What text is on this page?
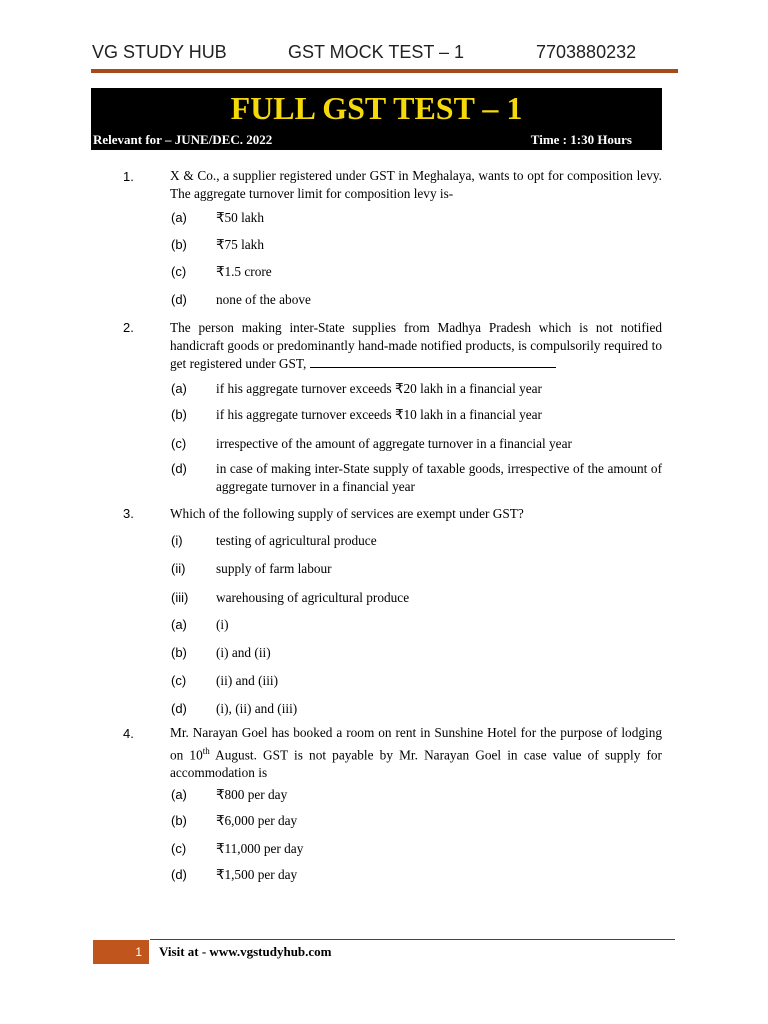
VG STUDY HUB	GST MOCK TEST – 1	7703880232
FULL GST TEST – 1
Relevant for – JUNE/DEC. 2022	Time : 1:30 Hours
1.	X & Co., a supplier registered under GST in Meghalaya, wants to opt for composition levy. The aggregate turnover limit for composition levy is-
(a) ₹50 lakh
(b) ₹75 lakh
(c) ₹1.5 crore
(d) none of the above
2.	The person making inter-State supplies from Madhya Pradesh which is not notified handicraft goods or predominantly hand-made notified products, is compulsorily required to get registered under GST,
(a) if his aggregate turnover exceeds ₹20 lakh in a financial year
(b) if his aggregate turnover exceeds ₹10 lakh in a financial year
(c) irrespective of the amount of aggregate turnover in a financial year
(d) in case of making inter-State supply of taxable goods, irrespective of the amount of aggregate turnover in a financial year
3.	Which of the following supply of services are exempt under GST?
(i)	testing of agricultural produce
(ii) supply of farm labour
(iii) warehousing of agricultural produce
(a) (i)
(b) (i) and (ii)
(c) (ii) and (iii)
(d) (i), (ii) and (iii)
4.	Mr. Narayan Goel has booked a room on rent in Sunshine Hotel for the purpose of lodging on 10th August. GST is not payable by Mr. Narayan Goel in case value of supply for accommodation is
(a) ₹800 per day
(b) ₹6,000 per day
(c) ₹11,000 per day
(d) ₹1,500 per day
1 Visit at - www.vgstudyhub.com
